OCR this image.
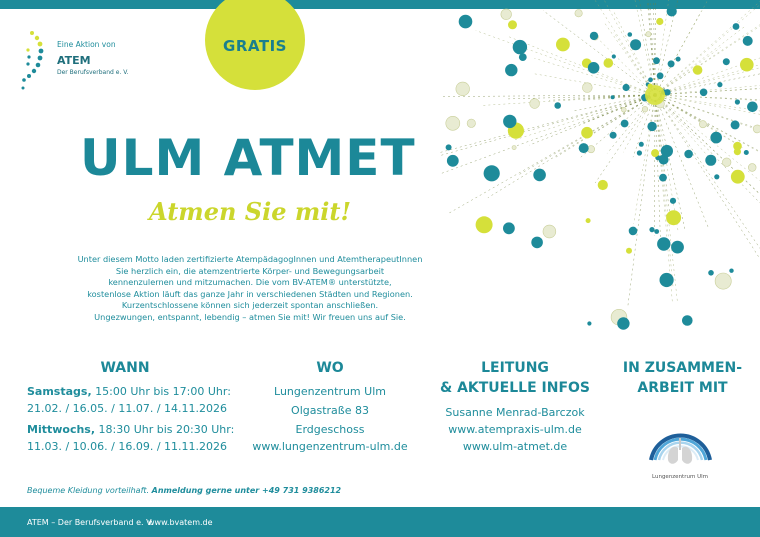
Eine Aktion von
ATEM
Der Berufsverband e. V.
GRATIS
ULM ATMET
Atmen Sie mit!
Unter diesem Motto laden zertifizierte AtempädagogInnen und AtemtherapeutInnen
Sie herzlich ein, die atemzentrierte Körper- und Bewegungsarbeit
kennenzulernen und mitzumachen. Die vom BV-ATEM® unterstützte,
kostenlose Aktion läuft das ganze Jahr in verschiedenen Städten und Regionen.
Kurzentschlossene können sich jederzeit spontan anschließen.
Ungezwungen, entspannt, lebendig – atmen Sie mit! Wir freuen uns auf Sie.
WANN
Samstags, 15:00 Uhr bis 17:00 Uhr:
21.02. / 16.05. / 11.07. / 14.11.2026
Mittwochs, 18:30 Uhr bis 20:30 Uhr:
11.03. / 10.06. / 16.09. / 11.11.2026
WO
Lungenzentrum Ulm
Olgastraße 83
Erdgeschoss
www.lungenzentrum-ulm.de
LEITUNG
& AKTUELLE INFOS
Susanne Menrad-Barczok
www.atempraxis-ulm.de
www.ulm-atmet.de
IN ZUSAMMEN-
ARBEIT MIT
Lungenzentrum Ulm
Bequeme Kleidung vorteilhaft. Anmeldung gerne unter +49 731 9386212
ATEM – Der Berufsverband e. V.
www.bvatem.de
